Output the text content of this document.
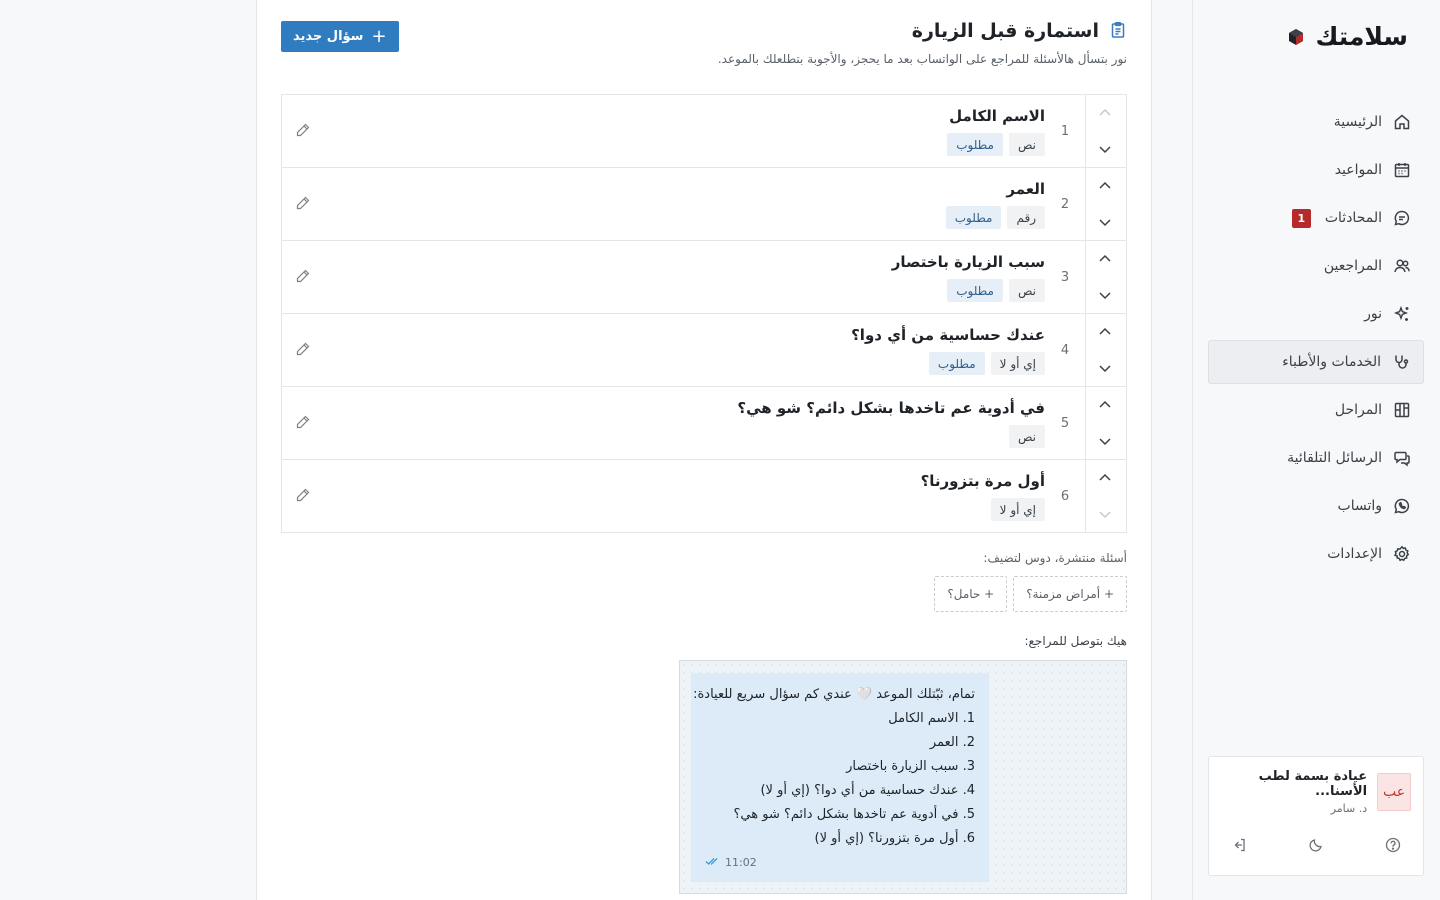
سلامتك
الرئيسية
المواعيد
المحادثات
1
المراجعين
نور
الخدمات والأطباء
المراحل
الرسائل التلقائية
واتساب
الإعدادات
عب
عيادة بسمة لطب الأسنا...
د. سامر
استمارة قبل الزيارة
نور بتسأل هالأسئلة للمراجع على الواتساب بعد ما يحجز، والأجوبة بتطلعلك بالموعد.
+
سؤال جديد
1
الاسم الكامل
نص
مطلوب
2
العمر
رقم
مطلوب
3
سبب الزيارة باختصار
نص
مطلوب
4
عندك حساسية من أي دوا؟
إي أو لا
مطلوب
5
في أدوية عم تاخدها بشكل دائم؟ شو هي؟
نص
6
أول مرة بتزورنا؟
إي أو لا
أسئلة منتشرة، دوس لتضيف:
+ أمراض مزمنة؟
+ حامل؟
هيك بتوصل للمراجع:
تمام، ثبّتلك الموعد 🤍 عندي كم سؤال سريع للعيادة:
1. الاسم الكامل
2. العمر
3. سبب الزيارة باختصار
4. عندك حساسية من أي دوا؟ (إي أو لا)
5. في أدوية عم تاخدها بشكل دائم؟ شو هي؟
6. أول مرة بتزورنا؟ (إي أو لا)
11:02
